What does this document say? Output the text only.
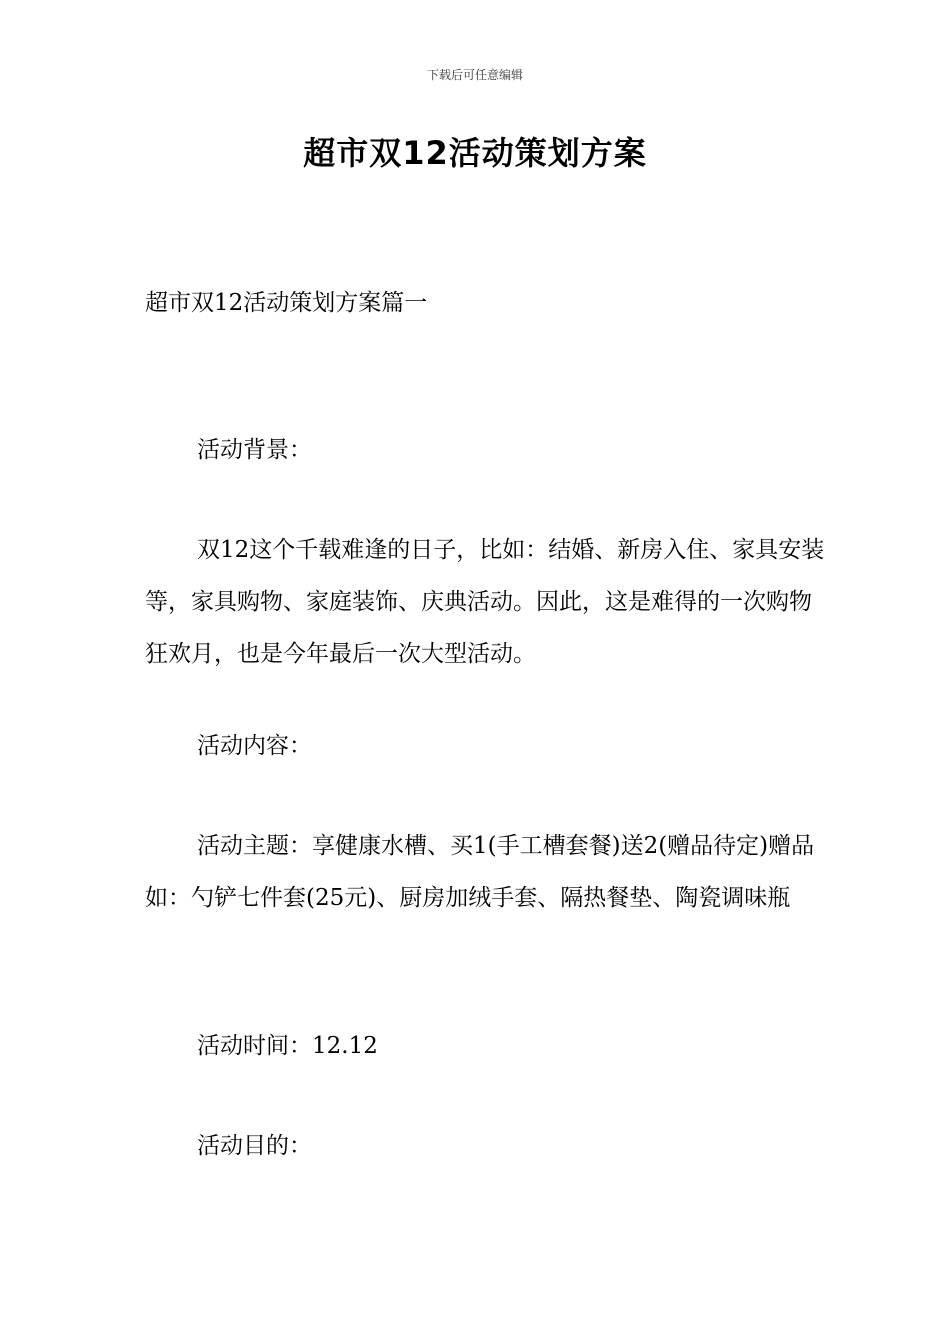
下载后可任意编辑
超市双12活动策划方案
超市双12活动策划方案篇一

活动背景：

双12这个千载难逢的日子，比如：结婚、新房入住、家具安装等，家具购物、家庭装饰、庆典活动。因此，这是难得的一次购物狂欢月，也是今年最后一次大型活动。

活动内容：

活动主题：享健康水槽、买1(手工槽套餐)送2(赠品待定)赠品如：勺铲七件套(25元)、厨房加绒手套、隔热餐垫、陶瓷调味瓶

活动时间：12.12

活动目的：
